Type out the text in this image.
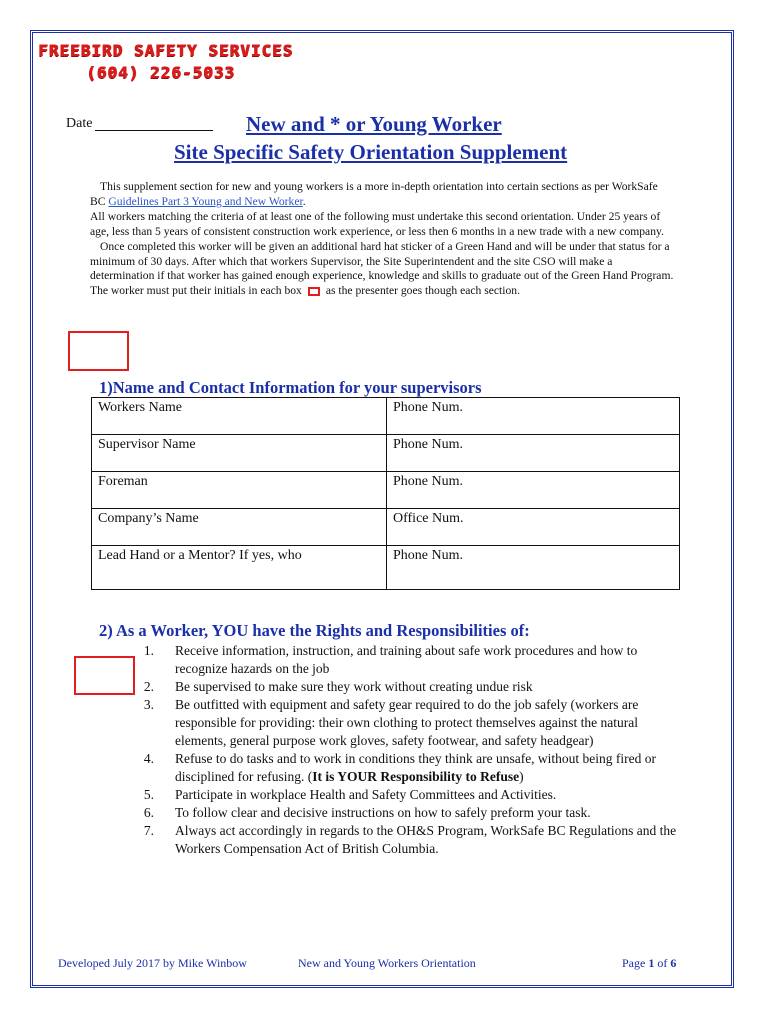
FREEBIRD SAFETY SERVICES
(604) 226-5033
Date	New and * or Young Worker
Site Specific Safety Orientation Supplement

This supplement section for new and young workers is a more in-depth orientation into certain sections as per WorkSafe BC Guidelines Part 3 Young and New Worker.

All workers matching the criteria of at least one of the following must undertake this second orientation. Under 25 years of age, less than 5 years of consistent construction work experience, or less then 6 months in a new trade with a new company.

Once completed this worker will be given an additional hard hat sticker of a Green Hand and will be under that status for a minimum of 30 days. After which that workers Supervisor, the Site Superintendent and the site CSO will make a determination if that worker has gained enough experience, knowledge and skills to graduate out of the Green Hand Program. The worker must put their initials in each box as the presenter goes though each section.

1)Name and Contact Information for your supervisors
Workers Name	Phone Num.
Supervisor Name	Phone Num.
Foreman	Phone Num.
Company’s Name	Office Num.
Lead Hand or a Mentor? If yes, who	Phone Num.
2) As a Worker, YOU have the Rights and Responsibilities of:
1. Receive information, instruction, and training about safe work procedures and how to recognize hazards on the job
2. Be supervised to make sure they work without creating undue risk
3. Be outfitted with equipment and safety gear required to do the job safely (workers are responsible for providing: their own clothing to protect themselves against the natural elements, general purpose work gloves, safety footwear, and safety headgear)
4. Refuse to do tasks and to work in conditions they think are unsafe, without being fired or disciplined for refusing. (It is YOUR Responsibility to Refuse)
5. Participate in workplace Health and Safety Committees and Activities.
6. To follow clear and decisive instructions on how to safely preform your task.
7. Always act accordingly in regards to the OH&S Program, WorkSafe BC Regulations and the Workers Compensation Act of British Columbia.
Developed July 2017 by Mike Winbow	New and Young Workers Orientation	Page 1 of 6
